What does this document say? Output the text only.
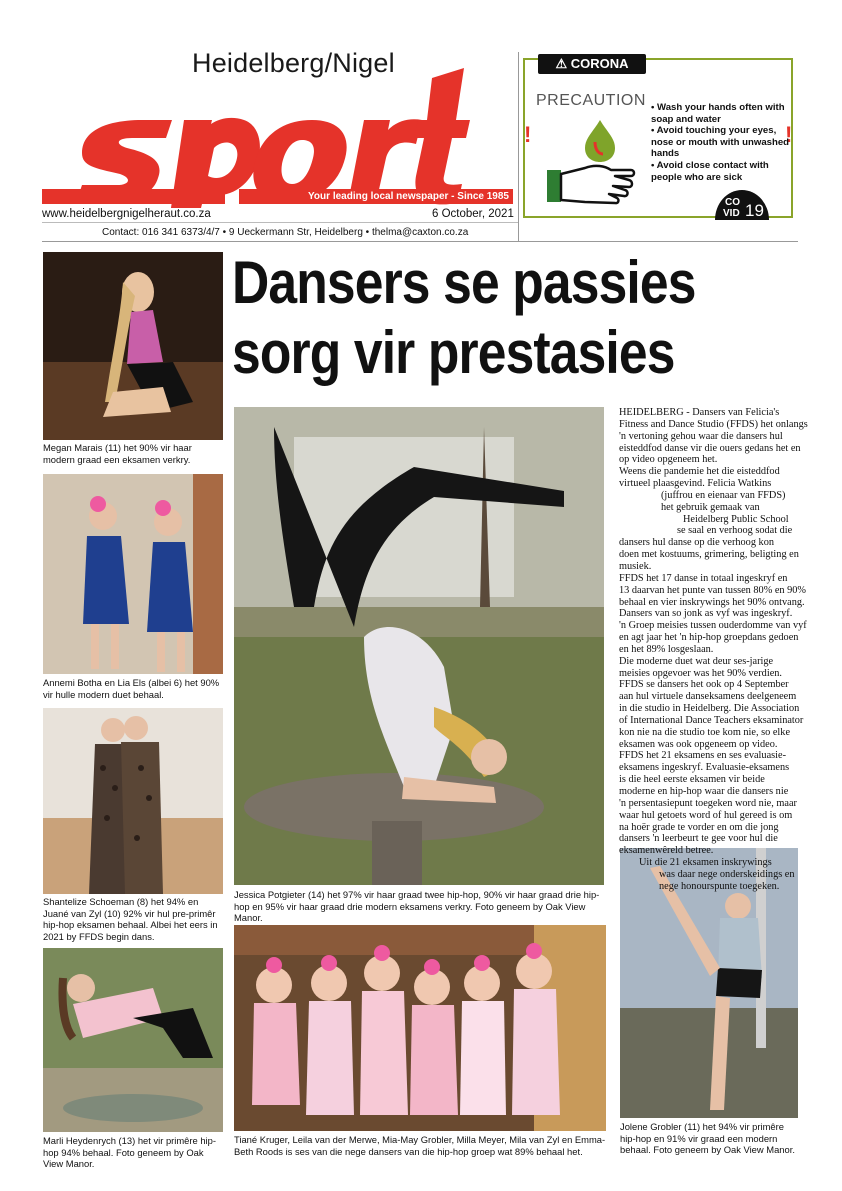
Heidelberg/Nigel
Your leading local newspaper - Since 1985
www.heidelbergnigelheraut.co.za	6 October, 2021
Contact: 016 341 6373/4/7 • 9 Ueckermann Str, Heidelberg • thelma@caxton.co.za
⚠ CORONA
PRECAUTION
!	!
• Wash your hands often with soap and water
• Avoid touching your eyes, nose or mouth with unwashed hands
• Avoid close contact with people who are sick
CO
VID 19
Dansers se passies
sorg vir prestasies
Megan Marais (11) het 90% vir haar modern graad een eksamen verkry.
Annemi Botha en Lia Els (albei 6) het 90% vir hulle modern duet behaal.
Shantelize Schoeman (8) het 94% en Juané van Zyl (10) 92% vir hul pre-primêr hip-hop eksamen behaal. Albei het eers in 2021 by FFDS begin dans.
Marli Heydenrych (13) het vir primêre hip-hop 94% behaal. Foto geneem by Oak View Manor.
Jessica Potgieter (14) het 97% vir haar graad twee hip-hop, 90% vir haar graad drie hip-hop en 95% vir haar graad drie modern eksamens verkry. Foto geneem by Oak View Manor.
Tiané Kruger, Leila van der Merwe, Mia-May Grobler, Milla Meyer, Mila van Zyl en Emma-Beth Roods is ses van die nege dansers van die hip-hop groep wat 89% behaal het.
Jolene Grobler (11) het 94% vir primêre hip-hop en 91% vir graad een modern behaal. Foto geneem by Oak View Manor.

HEIDELBERG - Dansers van Felicia's

Fitness and Dance Studio (FFDS) het onlangs

'n vertoning gehou waar die dansers hul

eisteddfod danse vir die ouers gedans het en

op video opgeneem het.

Weens die pandemie het die eisteddfod

virtueel plaasgevind. Felicia Watkins

(juffrou en eienaar van FFDS)

het gebruik gemaak van

Heidelberg Public School

se saal en verhoog sodat die

dansers hul danse op die verhoog kon

doen met kostuums, grimering, beligting en

musiek.

FFDS het 17 danse in totaal ingeskryf en

13 daarvan het punte van tussen 80% en 90%

behaal en vier inskrywings het 90% ontvang.

Dansers van so jonk as vyf was ingeskryf.

'n Groep meisies tussen ouderdomme van vyf

en agt jaar het 'n hip-hop groepdans gedoen

en het 89% losgeslaan.

Die moderne duet wat deur ses-jarige

meisies opgevoer was het 90% verdien.

FFDS se dansers het ook op 4 September

aan hul virtuele danseksamens deelgeneem

in die studio in Heidelberg. Die Association

of International Dance Teachers eksaminator

kon nie na die studio toe kom nie, so elke

eksamen was ook opgeneem op video.

FFDS het 21 eksamens en ses evaluasie-

eksamens ingeskryf. Evaluasie-eksamens

is die heel eerste eksamen vir beide

moderne en hip-hop waar die dansers nie

'n persentasiepunt toegeken word nie, maar

waar hul getoets word of hul gereed is om

na hoër grade te vorder en om die jong

dansers 'n leerbeurt te gee voor hul die

eksamenwêreld betree.

Uit die 21 eksamen inskrywings

was daar nege onderskeidings en

nege honourspunte toegeken.
